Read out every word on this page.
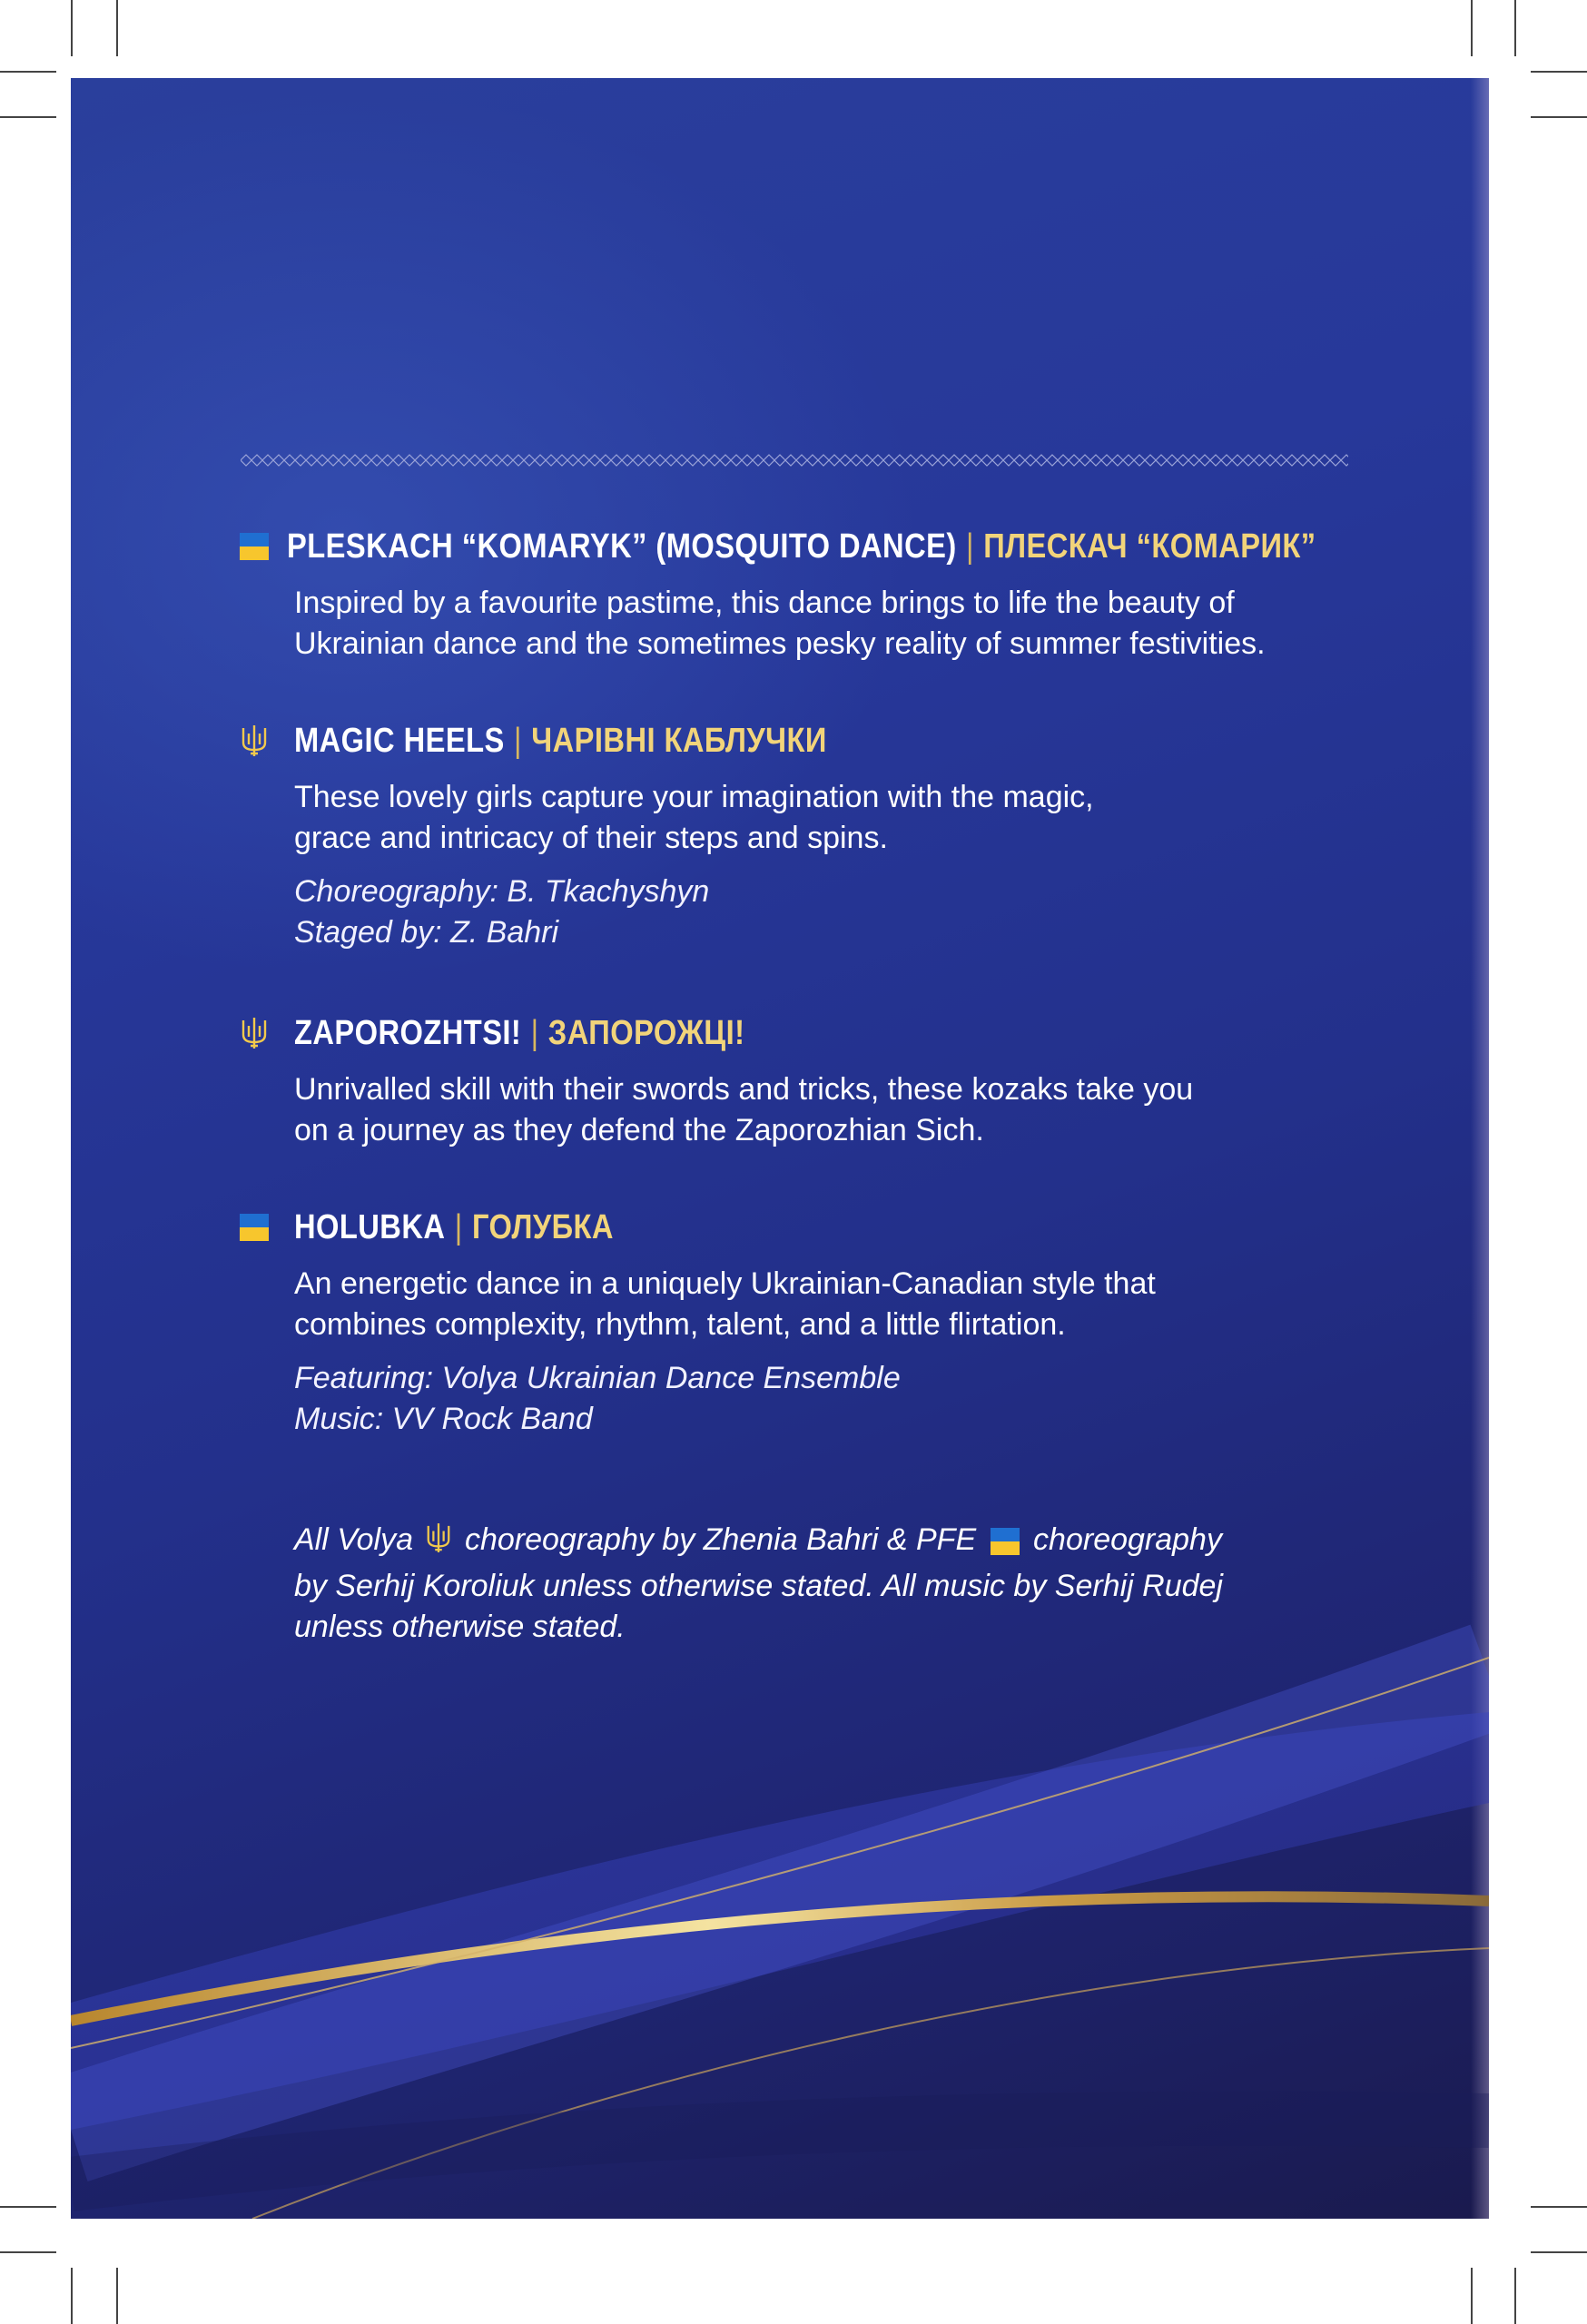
PLESKACH “KOMARYK” (MOSQUITO DANCE) | ПЛЕСКАЧ “КОМАРИК”
Inspired by a favourite pastime, this dance brings to life the beauty of
Ukrainian dance and the sometimes pesky reality of summer festivities.
MAGIC HEELS | ЧАРІВНІ КАБЛУЧКИ
These lovely girls capture your imagination with the magic,
grace and intricacy of their steps and spins.
Choreography: B. Tkachyshyn
Staged by: Z. Bahri
ZAPOROZHTSI! | ЗАПОРОЖЦІ!
Unrivalled skill with their swords and tricks, these kozaks take you
on a journey as they defend the Zaporozhian Sich.
HOLUBKA | ГОЛУБКА
An energetic dance in a uniquely Ukrainian-Canadian style that
combines complexity, rhythm, talent, and a little flirtation.
Featuring: Volya Ukrainian Dance Ensemble
Music: VV Rock Band
All Volya choreography by Zhenia Bahri & PFE choreography
by Serhij Koroliuk unless otherwise stated. All music by Serhij Rudej
unless otherwise stated.
